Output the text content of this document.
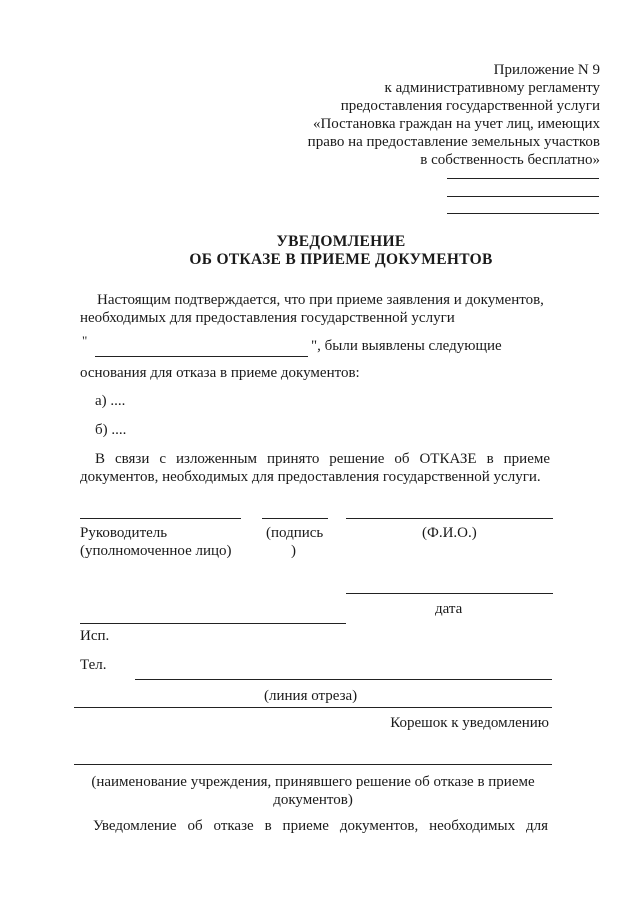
Приложение N 9
к административному регламенту
предоставления государственной услуги
«Постановка граждан на учет лиц, имеющих
право на предоставление земельных участков
в собственность бесплатно»
УВЕДОМЛЕНИЕ
ОБ ОТКАЗЕ В ПРИЕМЕ ДОКУМЕНТОВ
Настоящим подтверждается, что при приеме заявления и документов,
необходимых для предоставления государственной услуги
"	", были выявлены следующие
основания для отказа в приеме документов:
а) ....
б) ....
В связи с изложенным принято решение об ОТКАЗЕ в приеме
документов, необходимых для предоставления государственной услуги.
Руководитель
(уполномоченное лицо)
(подпись
)
(Ф.И.О.)
дата
Исп.
Тел.
(линия отреза)
Корешок к уведомлению
(наименование учреждения, принявшего решение об отказе в приеме
документов)
Уведомление об отказе в приеме документов, необходимых для
